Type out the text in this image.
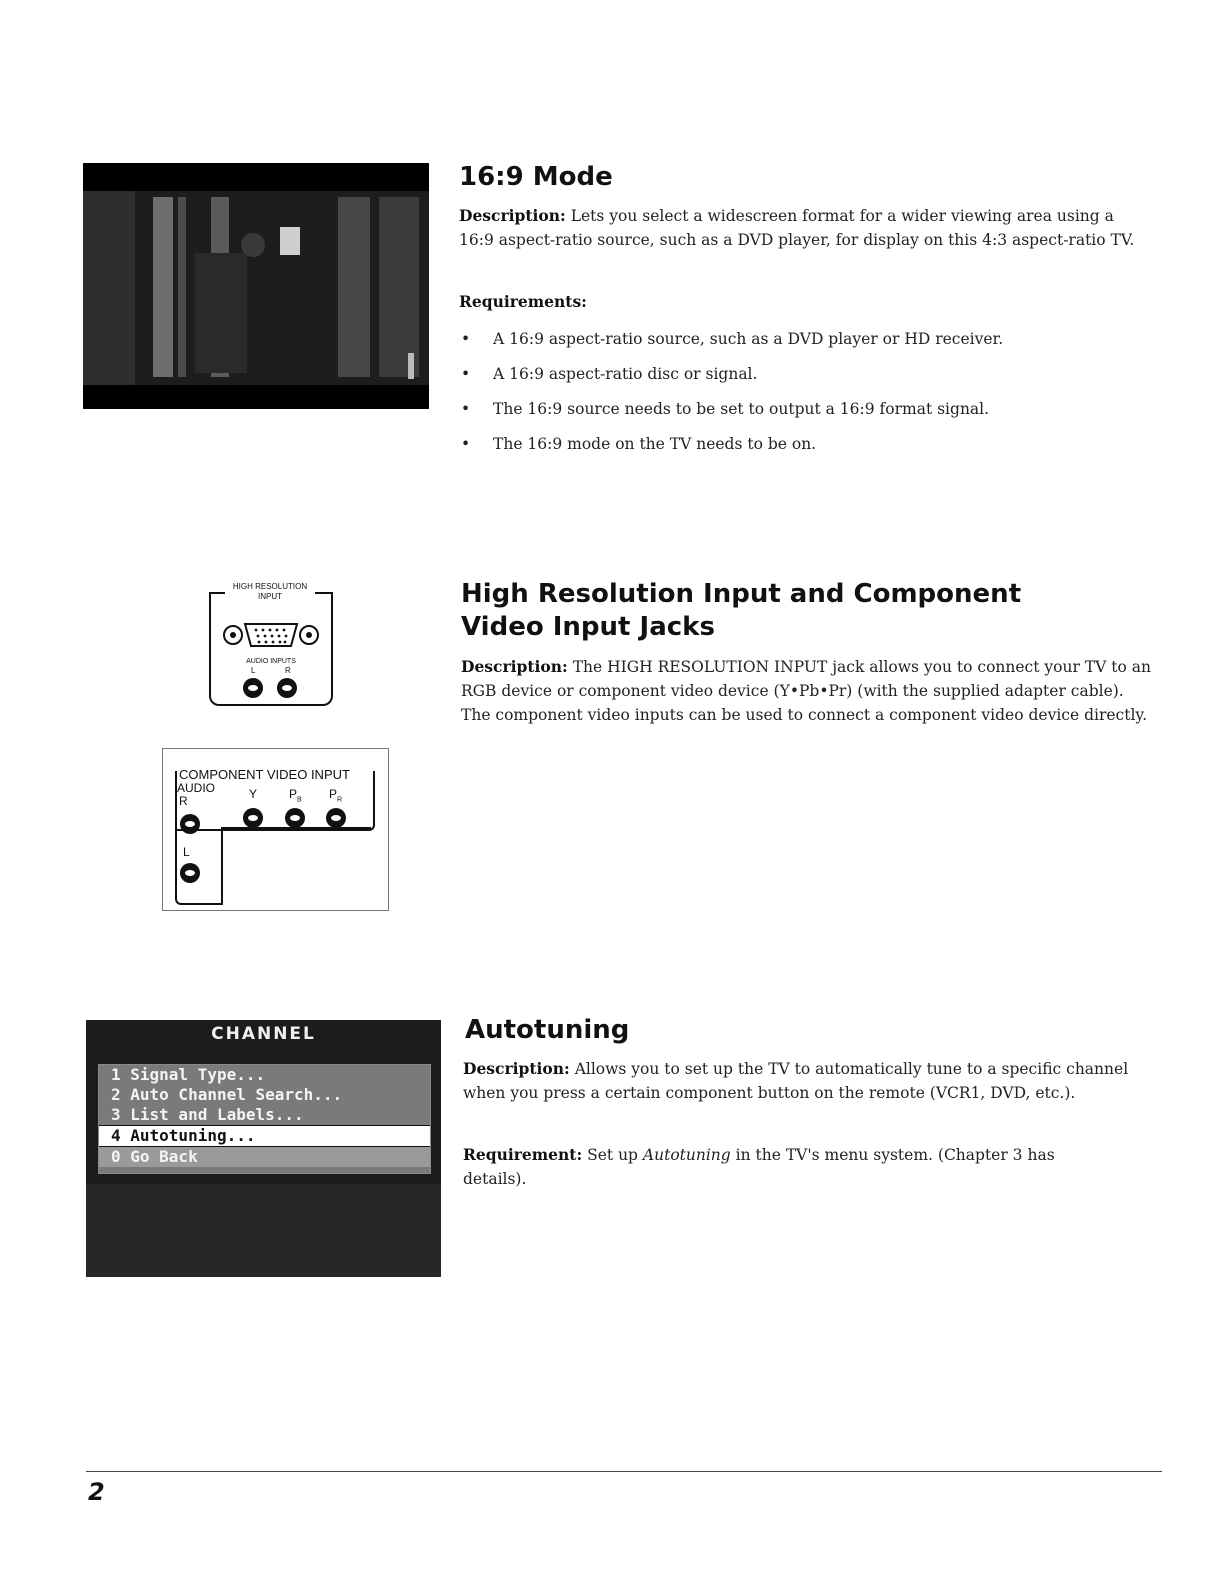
16:9 Mode
Description: Lets you select a widescreen format for a wider viewing area using a 16:9 aspect-ratio source, such as a DVD player, for display on this 4:3 aspect-ratio TV.
Requirements:
• A 16:9 aspect-ratio source, such as a DVD player or HD receiver.
• A 16:9 aspect-ratio disc or signal.
• The 16:9 source needs to be set to output a 16:9 format signal.
• The 16:9 mode on the TV needs to be on.
HIGH RESOLUTION
INPUT
AUDIO INPUTS
L	R
COMPONENT VIDEO INPUT
AUDIO
R	Y	$P_B$ $P_R$
L
High Resolution Input and Component Video Input Jacks
Description: The HIGH RESOLUTION INPUT jack allows you to connect your TV to an RGB device or component video device (Y•Pb•Pr) (with the supplied adapter cable). The component video inputs can be used to connect a component video device directly.
CHANNEL
1 Signal Type...
2 Auto Channel Search...
3 List and Labels...
4 Autotuning...
0 Go Back
Autotuning
Description: Allows you to set up the TV to automatically tune to a specific channel when you press a certain component button on the remote (VCR1, DVD, etc.).
Requirement: Set up Autotuning in the TV's menu system. (Chapter 3 has details).
2
